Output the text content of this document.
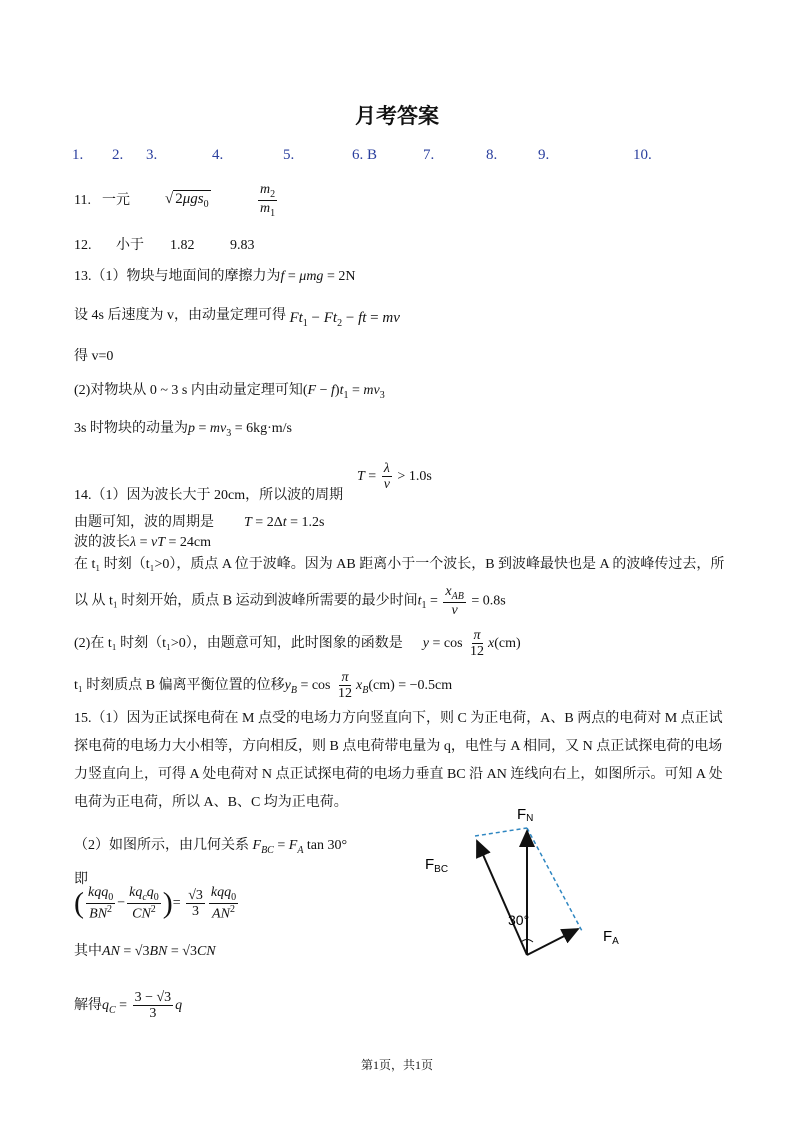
月考答案
1. 2. 3.	4.	5.	6. B	7.	8.	9.	10.
11. 一元 √ 2μgs$_0$	$\frac{m_2}{m_1}$
12. 小于 1.82	9.83
13.（1）物块与地面间的摩擦力为f = μmg = 2N
设 4s 后速度为 v，由动量定理可得 $Ft_1 - Ft_2$ − ft = mv
得 v=0
(2)对物块从 0 ~ 3 s 内由动量定理可知$(F - f)t_1 = mv_3$
3s 时物块的动量为$p = mv_3 = 6kg\cdot m/s$
$T = \frac{\lambda}{v} > 1.0s$
14.（1）因为波长大于 20cm，所以波的周期
由题可知，波的周期是 T = 2Δt = 1.2s
波的波长λ = vT = 24cm
在 t₁ 时刻（t₁>0），质点 A 位于波峰。因为 AB 距离小于一个波长，B 到波峰最快也是 A 的波峰传过去，所
以 从 t₁ 时刻开始，质点 B 运动到波峰所需要的最少时间$t_1 = \frac{x_{AB}}{v} = 0.8s$
(2)在 t₁ 时刻（t₁>0），由题意可知，此时图象的函数是 $y = \cos \frac{\pi}{12} x(cm)$
t₁ 时刻质点 B 偏离平衡位置的位移$y_B = \cos \frac{\pi}{12} x_B(cm) = -0.5cm$
15.（1）因为正试探电荷在 M 点受的电场力方向竖直向下，则 C 为正电荷，A、B 两点的电荷对 M 点正试探电荷的电场力大小相等，方向相反，则 B 点电荷带电量为 q，电性与 A 相同，又 N 点正试探电荷的电场力竖直向上，可得 A 处电荷对 N 点正试探电荷的电场力垂直 BC 沿 AN 连线向右上，如图所示。可知 A 处电荷为正电荷，所以 A、B、C 均为正电荷。
（2）如图所示，由几何关系 $F_{BC} = F_A$ tan 30°
即
( $\frac{kqq_0}{BN^2} - \frac{kq_cq_0}{CN^2}$ )= $\frac{√3}{3} \frac{kqq_0}{AN^2}$
其中AN = √3BN = √3CN
解得$q_C = \frac{3 - √3}{3}$ q
FN
$F_{BC}$
$F_A$
30°
第1页，共1页
